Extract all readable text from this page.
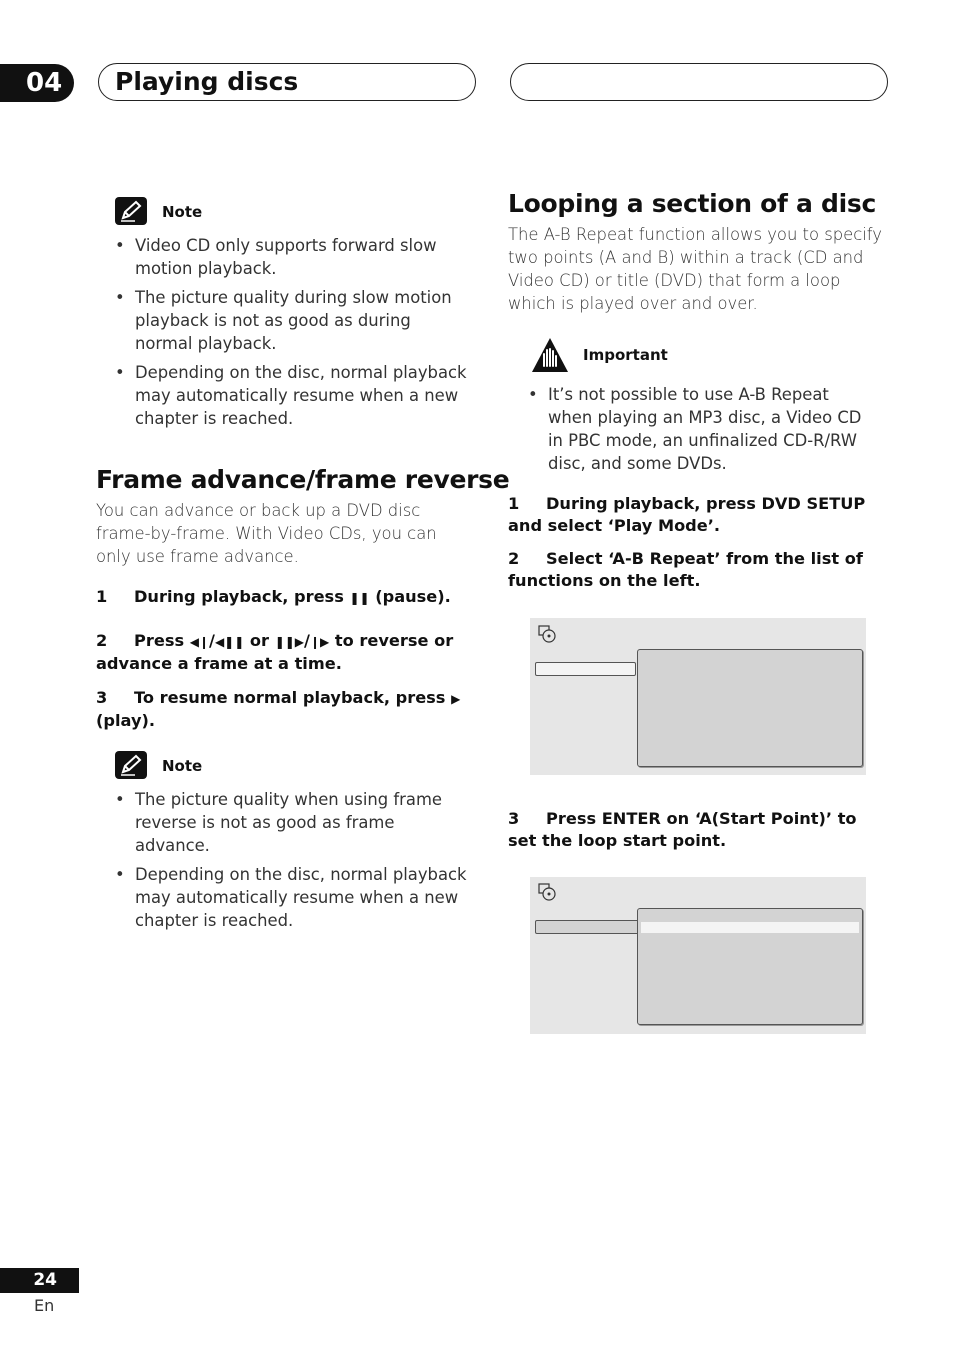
04	Playing discs
Note
• Video CD only supports forward slow motion playback.
• The picture quality during slow motion playback is not as good as during normal playback.
• Depending on the disc, normal playback may automatically resume when a new chapter is reached.
Frame advance/frame reverse
You can advance or back up a DVD disc frame-by-frame. With Video CDs, you can only use frame advance.
1 During playback, press ❚❚ (pause).
2 Press ◀❙/◀❚❚ or ❚❚▶/❙▶ to reverse or advance a frame at a time.
3 To resume normal playback, press ▶ (play).
Note
• The picture quality when using frame reverse is not as good as frame advance.
• Depending on the disc, normal playback may automatically resume when a new chapter is reached.
Looping a section of a disc
The A-B Repeat function allows you to specify two points (A and B) within a track (CD and Video CD) or title (DVD) that form a loop which is played over and over.
Important
• It’s not possible to use A-B Repeat when playing an MP3 disc, a Video CD in PBC mode, an unfinalized CD-R/RW disc, and some DVDs.
1 During playback, press DVD SETUP and select ‘Play Mode’.
2 Select ‘A-B Repeat’ from the list of functions on the left.
3 Press ENTER on ‘A(Start Point)’ to set the loop start point.
24
En
